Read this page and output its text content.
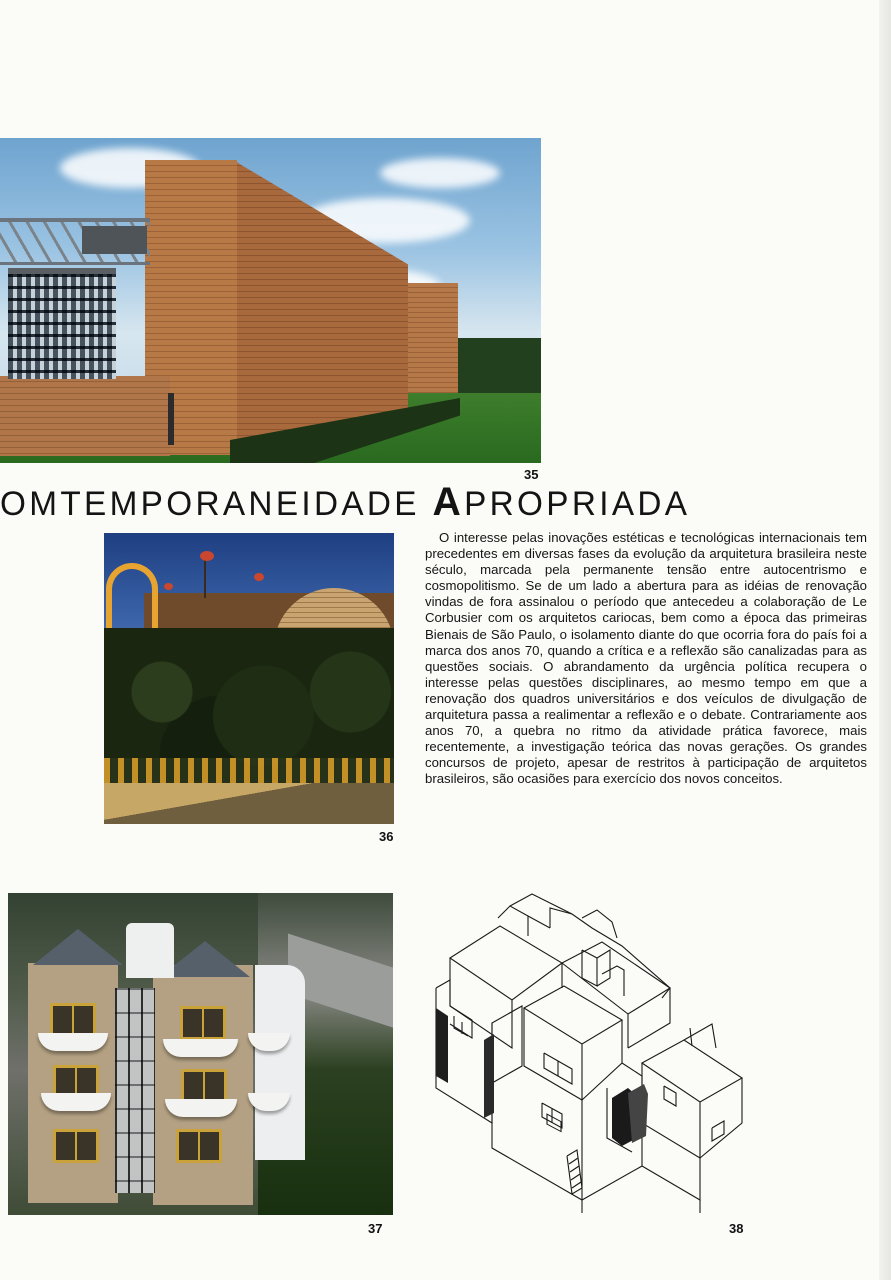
35
OMTEMPORANEIDADE APROPRIADA
36
O interesse pelas inovações estéticas e tecnológicas internacionais tem precedentes em diversas fases da evolução da arquitetura brasileira neste século, marcada pela permanente tensão entre autocentrismo e cosmopolitismo. Se de um lado a abertura para as idéias de renovação vindas de fora assinalou o período que antecedeu a colaboração de Le Corbusier com os arquitetos cariocas, bem como a época das primeiras Bienais de São Paulo, o isolamento diante do que ocorria fora do país foi a marca dos anos 70, quando a crítica e a reflexão são canalizadas para as questões sociais. O abrandamento da urgência política recupera o interesse pelas questões disciplinares, ao mesmo tempo em que a renovação dos quadros universitários e dos veículos de divulgação de arquitetura passa a realimentar a reflexão e o debate. Contrariamente aos anos 70, a quebra no ritmo da atividade prática favorece, mais recentemente, a investigação teórica das novas gerações. Os grandes concursos de projeto, apesar de restritos à participação de arquitetos brasileiros, são ocasiões para exercício dos novos conceitos.
37	38
